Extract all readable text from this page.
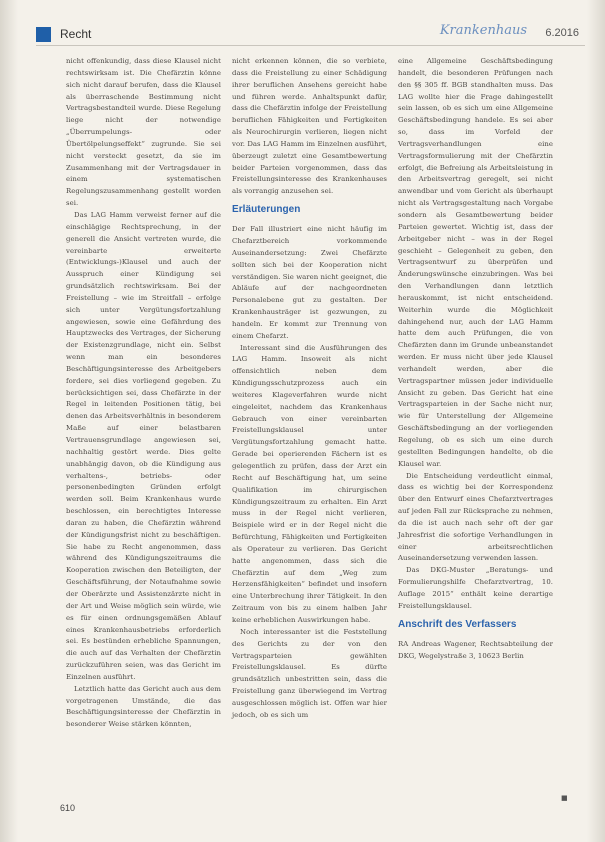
Recht	Krankenhaus 6.2016

nicht offenkundig, dass diese Klausel nicht rechtswirksam ist. Die Chefärztin könne sich nicht darauf berufen, dass die Klausel als überraschende Bestimmung nicht Vertragsbestandteil wurde. Diese Regelung liege nicht der notwendige „Überrumpelungs- oder Übertölpelungseffekt“ zugrunde. Sie sei nicht versteckt gesetzt, da sie im Zusammenhang mit der Vertragsdauer in einem systematischen Regelungszusammenhang gestellt worden sei.

Das LAG Hamm verweist ferner auf die einschlägige Rechtsprechung, in der generell die Ansicht vertreten wurde, die vereinbarte erweiterte (Entwicklungs-)Klausel und auch der Ausspruch einer Kündigung sei grundsätzlich rechtswirksam. Bei der Freistellung – wie im Streitfall – erfolge sich unter Vergütungsfortzahlung angewiesen, sowie eine Gefährdung des Hauptzwecks des Vertrages, der Sicherung der Existenzgrundlage, nicht ein. Selbst wenn man ein besonderes Beschäftigungsinteresse des Arbeitgebers fordere, sei dies vorliegend gegeben. Zu berücksichtigen sei, dass Chefärzte in der Regel in leitenden Positionen tätig, bei denen das Arbeitsverhältnis in besonderem Maße auf einer belastbaren Vertrauensgrundlage angewiesen sei, nachhaltig gestört werde. Dies gelte unabhängig davon, ob die Kündigung aus verhaltens-, betriebs- oder personenbedingten Gründen erfolgt werden soll. Beim Krankenhaus wurde beschlossen, ein berechtigtes Interesse daran zu haben, die Chefärztin während der Kündigungsfrist nicht zu beschäftigen. Sie habe zu Recht angenommen, dass während des Kündigungszeitraums die Kooperation zwischen den Beteiligten, der Geschäftsführung, der Notaufnahme sowie der Oberärzte und Assistenzärzte nicht in der Art und Weise möglich sein würde, wie es für einen ordnungsgemäßen Ablauf eines Krankenhausbetriebs erforderlich sei. Es bestünden erhebliche Spannungen, die auch auf das Verhalten der Chefärztin zurückzuführen seien, was das Gericht im Einzelnen ausführt.

Letztlich hatte das Gericht auch aus dem vorgetragenen Umstände, die das Beschäftigungsinteresse der Chefärztin in besonderer Weise stärken könnten,

nicht erkennen können, die so verbiete, dass die Freistellung zu einer Schädigung ihrer beruflichen Ansehens gereicht habe und führen werde. Anhaltspunkt dafür, dass die Chefärztin infolge der Freistellung beruflichen Fähigkeiten und Fertigkeiten als Neurochirurgin verlieren, liegen nicht vor. Das LAG Hamm im Einzelnen ausführt, überzeugt zuletzt eine Gesamtbewertung beider Parteien vorgenommen, dass das Freistellungsinteresse des Krankenhauses als vorrangig anzusehen sei.

Erläuterungen

Der Fall illustriert eine nicht häufig im Chefarztbereich vorkommende Auseinandersetzung: Zwei Chefärzte sollten sich bei der Kooperation nicht verständigen. Sie waren nicht geeignet, die Abläufe auf der nachgeordneten Personalebene gut zu gestalten. Der Krankenhausträger ist gezwungen, zu handeln. Er kommt zur Trennung von einem Chefarzt.

Interessant sind die Ausführungen des LAG Hamm. Insoweit als nicht offensichtlich neben dem Kündigungsschutzprozess auch ein weiteres Klageverfahren wurde nicht eingeleitet, nachdem das Krankenhaus Gebrauch von einer vereinbarten Freistellungsklausel unter Vergütungsfortzahlung gemacht hatte. Gerade bei operierenden Fächern ist es gelegentlich zu prüfen, dass der Arzt ein Recht auf Beschäftigung hat, um seine Qualifikation im chirurgischen Kündigungszeitraum zu erhalten. Ein Arzt muss in der Regel nicht verlieren, Beispiele wird er in der Regel nicht die Befürchtung, Fähigkeiten und Fertigkeiten als Operateur zu verlieren. Das Gericht hatte angenommen, dass sich die Chefärztin auf dem „Weg zum Herzensfähigkeiten“ befindet und insofern eine Unterbrechung ihrer Tätigkeit. In den Zeitraum von bis zu einem halben Jahr keine erheblichen Auswirkungen habe.

Noch interessanter ist die Feststellung des Gerichts zu der von den Vertragsparteien gewählten Freistellungsklausel. Es dürfte grundsätzlich unbestritten sein, dass die Freistellung ganz überwiegend im Vertrag ausgeschlossen möglich ist. Offen war hier jedoch, ob es sich um

eine Allgemeine Geschäftsbedingung handelt, die besonderen Prüfungen nach den §§ 305 ff. BGB standhalten muss. Das LAG wollte hier die Frage dahingestellt sein lassen, ob es sich um eine Allgemeine Geschäftsbedingung handele. Es sei aber so, dass im Vorfeld der Vertragsverhandlungen eine Vertragsformulierung mit der Chefärztin erfolgt, die Befreiung als Arbeitsleistung in den Arbeitsvertrag geregelt, sei nicht anwendbar und vom Gericht als überhaupt nicht als Vertragsgestaltung nach Vorgabe sondern als Gesamtbewertung beider Parteien gewertet. Wichtig ist, dass der Arbeitgeber nicht – was in der Regel geschieht – Gelegenheit zu geben, den Vertragsentwurf zu überprüfen und Änderungswünsche einzubringen. Was bei den Verhandlungen dann letztlich herauskommt, ist nicht entscheidend. Weiterhin wurde die Möglichkeit dahingehend nur, auch der LAG Hamm hatte dem auch Prüfungen, die von Chefärzten dann im Grunde unbeanstandet werden. Er muss nicht über jede Klausel verhandelt werden, aber die Vertragspartner müssen jeder individuelle Ansicht zu geben. Das Gericht hat eine Vertragsparteien in der Sache nicht nur, wie für Unterstellung der Allgemeine Geschäftsbedingung an der vorliegenden Regelung, ob es sich um eine durch gestellten Bedingungen handelte, ob die Klausel war.

Die Entscheidung verdeutlicht einmal, dass es wichtig bei der Korrespondenz über den Entwurf eines Chefarztvertrages auf jeden Fall zur Rücksprache zu nehmen, da die ist auch nach sehr oft der gar Jahresfrist die sofortige Verhandlungen in einer arbeitsrechtlichen Auseinandersetzung verwenden lassen.

Das DKG-Muster „Beratungs- und Formulierungshilfe Chefarztvertrag, 10. Auflage 2015“ enthält keine derartige Freistellungsklausel.

Anschrift des Verfassers

RA Andreas Wagener, Rechtsabteilung der DKG, Wegelystraße 3, 10623 Berlin

■
610
